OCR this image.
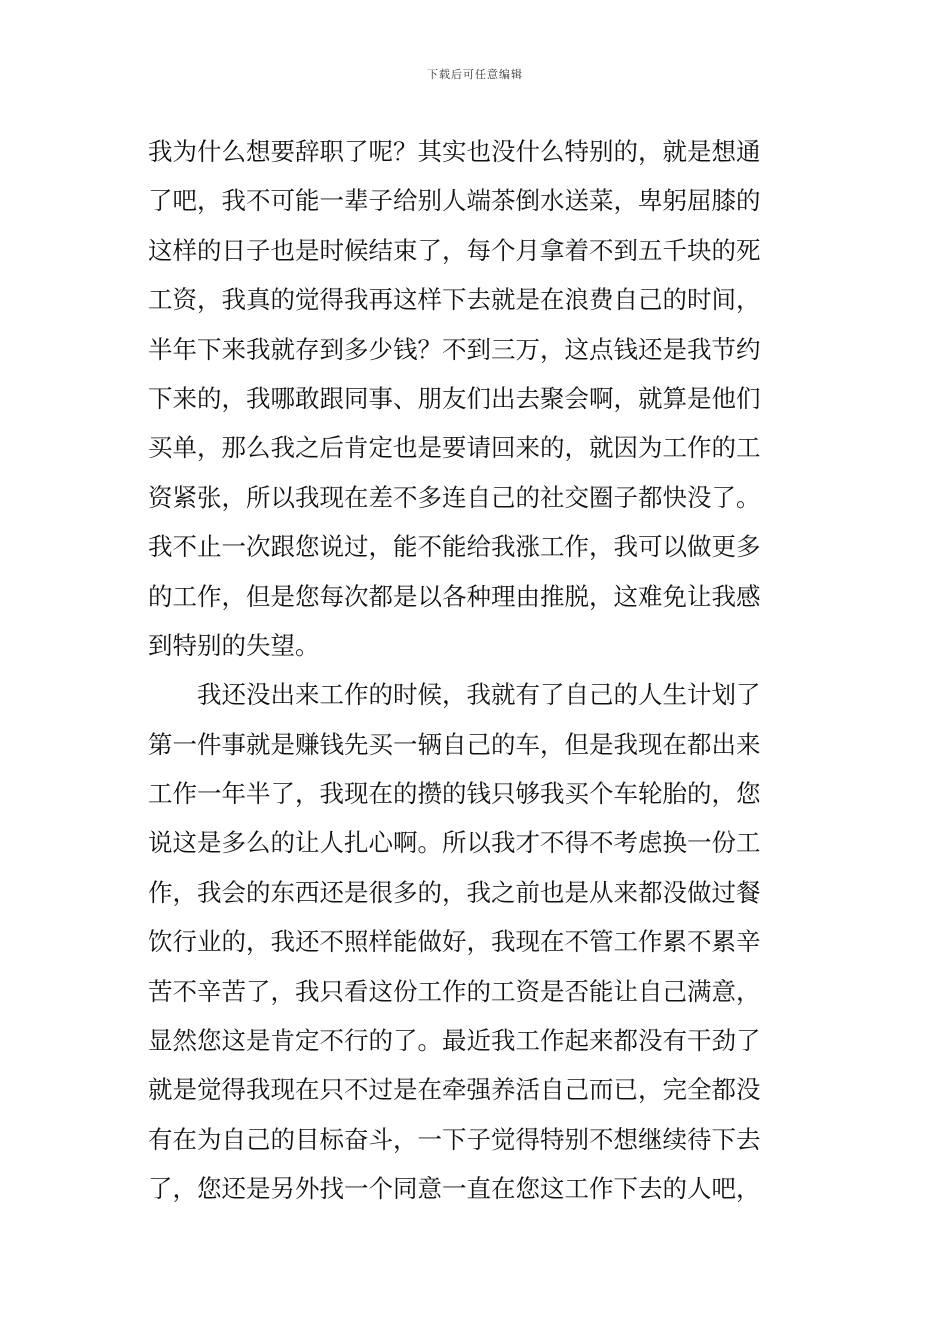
下载后可任意编辑
我为什么想要辞职了呢？其实也没什么特别的，就是想通
了吧，我不可能一辈子给别人端茶倒水送菜，卑躬屈膝的
这样的日子也是时候结束了，每个月拿着不到五千块的死
工资，我真的觉得我再这样下去就是在浪费自己的时间，
半年下来我就存到多少钱？不到三万，这点钱还是我节约
下来的，我哪敢跟同事、朋友们出去聚会啊，就算是他们
买单，那么我之后肯定也是要请回来的，就因为工作的工
资紧张，所以我现在差不多连自己的社交圈子都快没了。
我不止一次跟您说过，能不能给我涨工作，我可以做更多
的工作，但是您每次都是以各种理由推脱，这难免让我感
到特别的失望。
　　我还没出来工作的时候，我就有了自己的人生计划了
第一件事就是赚钱先买一辆自己的车，但是我现在都出来
工作一年半了，我现在的攒的钱只够我买个车轮胎的，您
说这是多么的让人扎心啊。所以我才不得不考虑换一份工
作，我会的东西还是很多的，我之前也是从来都没做过餐
饮行业的，我还不照样能做好，我现在不管工作累不累辛
苦不辛苦了，我只看这份工作的工资是否能让自己满意，
显然您这是肯定不行的了。最近我工作起来都没有干劲了
就是觉得我现在只不过是在牵强养活自己而已，完全都没
有在为自己的目标奋斗，一下子觉得特别不想继续待下去
了，您还是另外找一个同意一直在您这工作下去的人吧，
